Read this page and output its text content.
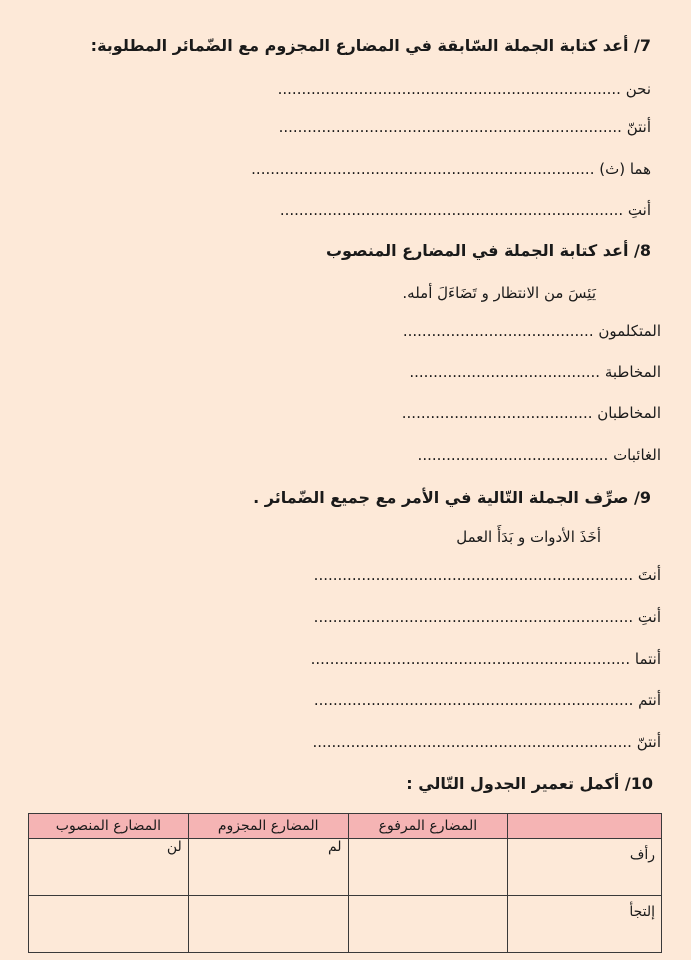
7/ أعد كتابة الجملة السّابقة في المضارع المجزوم مع الضّمائر المطلوبة:
نحن ........................................................................
أنتنّ ........................................................................
هما (ث) ........................................................................
أنتِ ........................................................................
8/ أعد كتابة الجملة في المضارع المنصوب
يَئِسَ من الانتظار و تَضَاءَلَ أمله.
المتكلمون ........................................
المخاطبة ........................................
المخاطبان ........................................
الغائبات ........................................
9/ صرِّف الجملة التّالية في الأمر مع جميع الضّمائر .
أخَذَ الأدوات و بَدَأَ العمل
أنتَ ...................................................................
أنتِ ...................................................................
أنتما ...................................................................
أنتم ...................................................................
أنتنّ ...................................................................
10/ أكمل تعمير الجدول التّالي :
	المضارع المرفوع	المضارع المجزوم	المضارع المنصوب
رأف		لم	لن
إلتجأ			
